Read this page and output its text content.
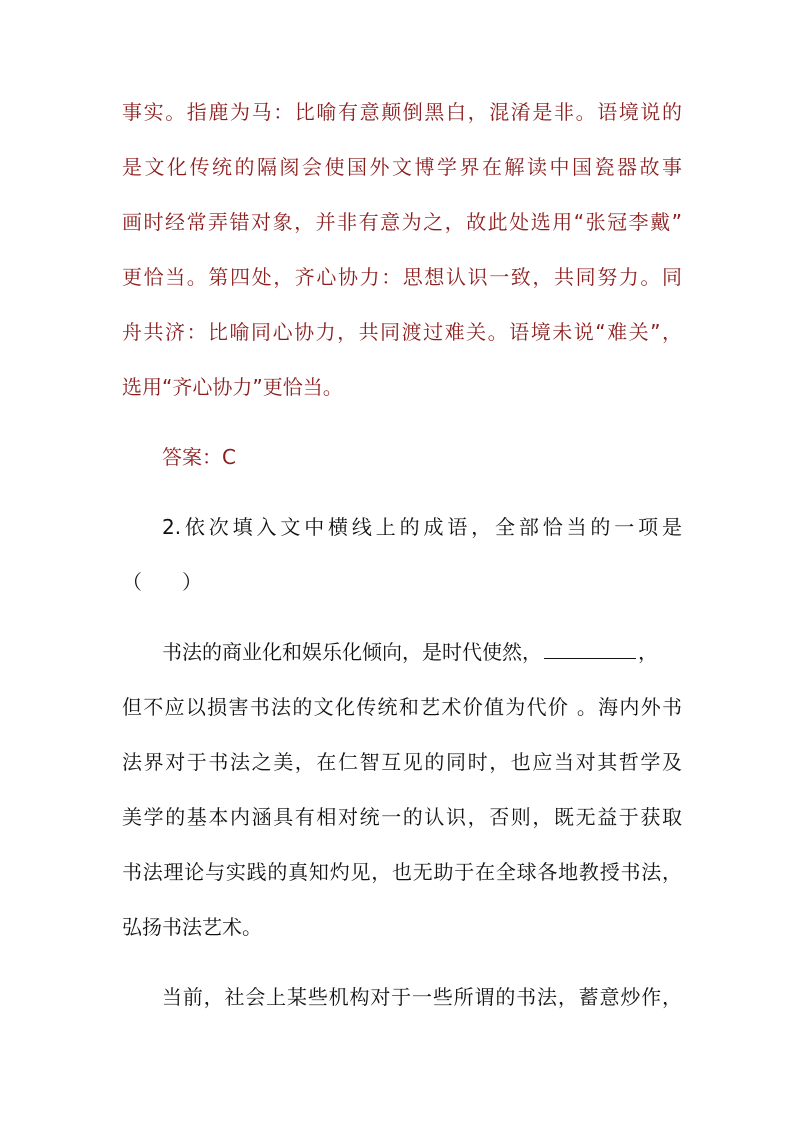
事实。指鹿为马：比喻有意颠倒黑白，混淆是非。语境说的
是文化传统的隔阂会使国外文博学界在解读中国瓷器故事
画时经常弄错对象，并非有意为之，故此处选用“张冠李戴”
更恰当。第四处，齐心协力：思想认识一致，共同努力。同
舟共济：比喻同心协力，共同渡过难关。语境未说“难关”，
选用“齐心协力”更恰当。
答案：C
2.依次填入文中横线上的成语，全部恰当的一项是
（　　）
书法的商业化和娱乐化倾向，是时代使然，	，
但不应以损害书法的文化传统和艺术价值为代价 。海内外书
法界对于书法之美，在仁智互见的同时，也应当对其哲学及
美学的基本内涵具有相对统一的认识，否则，既无益于获取
书法理论与实践的真知灼见，也无助于在全球各地教授书法，
弘扬书法艺术。
当前，社会上某些机构对于一些所谓的书法，蓄意炒作，
